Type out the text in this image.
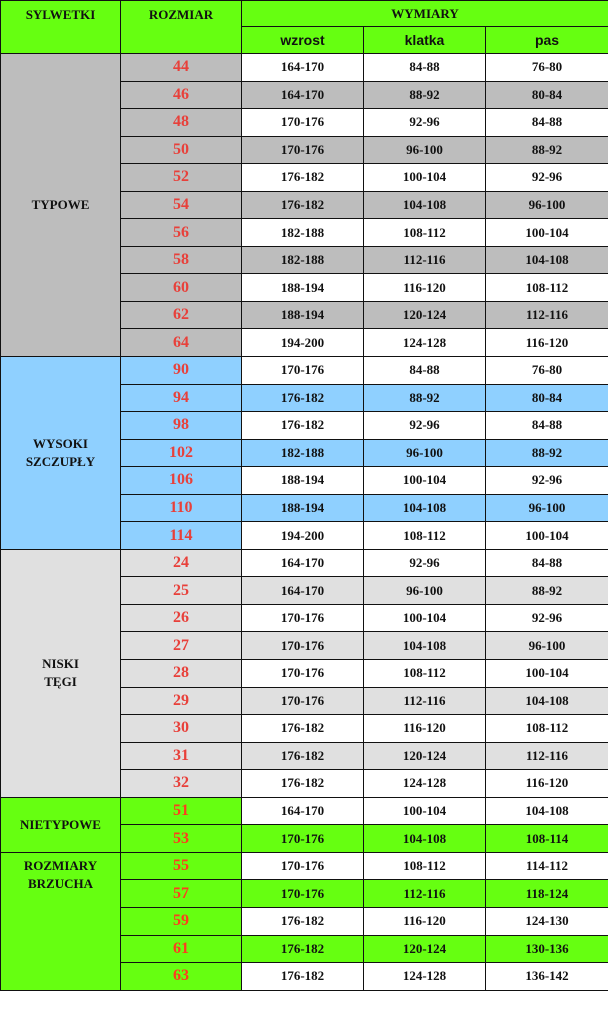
SYLWETKI	ROZMIAR	WYMIARY		
		wzrost	klatka	pas
TYPOWE	44	164-170	84-88	76-80
	46	164-170	88-92	80-84
	48	170-176	92-96	84-88
	50	170-176	96-100	88-92
	52	176-182	100-104	92-96
	54	176-182	104-108	96-100
	56	182-188	108-112	100-104
	58	182-188	112-116	104-108
	60	188-194	116-120	108-112
	62	188-194	120-124	112-116
	64	194-200	124-128	116-120
WYSOKI SZCZUPŁY	90	170-176	84-88	76-80
	94	176-182	88-92	80-84
	98	176-182	92-96	84-88
	102	182-188	96-100	88-92
	106	188-194	100-104	92-96
	110	188-194	104-108	96-100
	114	194-200	108-112	100-104
NISKI TĘGI	24	164-170	92-96	84-88
	25	164-170	96-100	88-92
	26	170-176	100-104	92-96
	27	170-176	104-108	96-100
	28	170-176	108-112	100-104
	29	170-176	112-116	104-108
	30	176-182	116-120	108-112
	31	176-182	120-124	112-116
	32	176-182	124-128	116-120
NIETYPOWE	51	164-170	100-104	104-108
	53	170-176	104-108	108-114
ROZMIARY BRZUCHA	55	170-176	108-112	114-112
	57	170-176	112-116	118-124
	59	176-182	116-120	124-130
	61	176-182	120-124	130-136
	63	176-182	124-128	136-142
